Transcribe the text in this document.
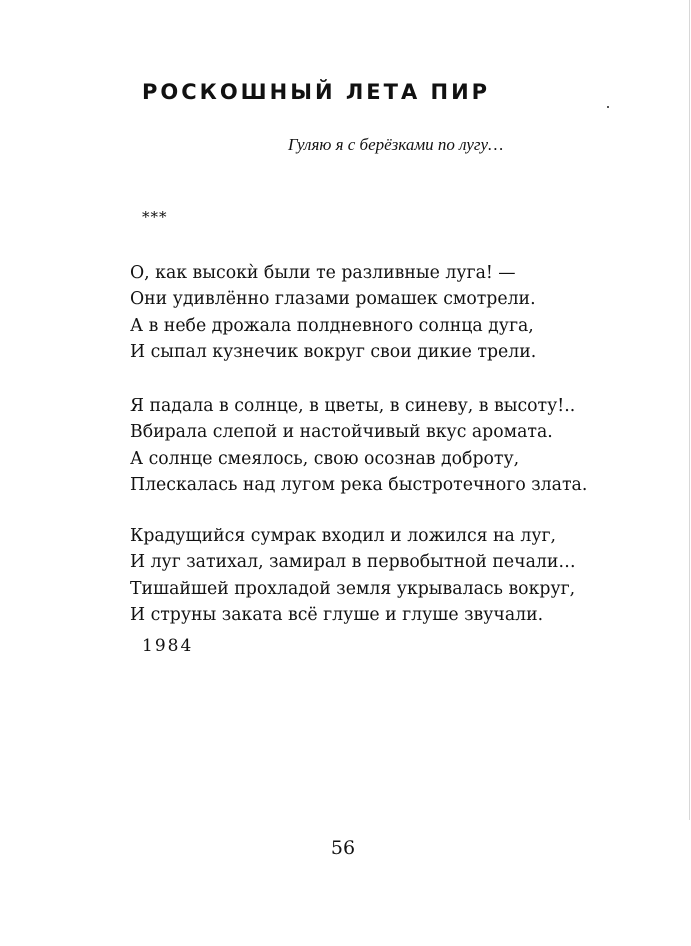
РОСКОШНЫЙ ЛЕТА ПИР
Гуляю я с берёзками по лугу…
***
О, как высокѝ были те разливные луга! —
Они удивлённо глазами ромашек смотрели.
А в небе дрожала полдневного солнца дуга,
И сыпал кузнечик вокруг свои дикие трели.
Я падала в солнце, в цветы, в синеву, в высоту!..
Вбирала слепой и настойчивый вкус аромата.
А солнце смеялось, свою осознав доброту,
Плескалась над лугом река быстротечного злата.
Крадущийся сумрак входил и ложился на луг,
И луг затихал, замирал в первобытной печали…
Тишайшей прохладой земля укрывалась вокруг,
И струны заката всё глуше и глуше звучали.
1984
56
